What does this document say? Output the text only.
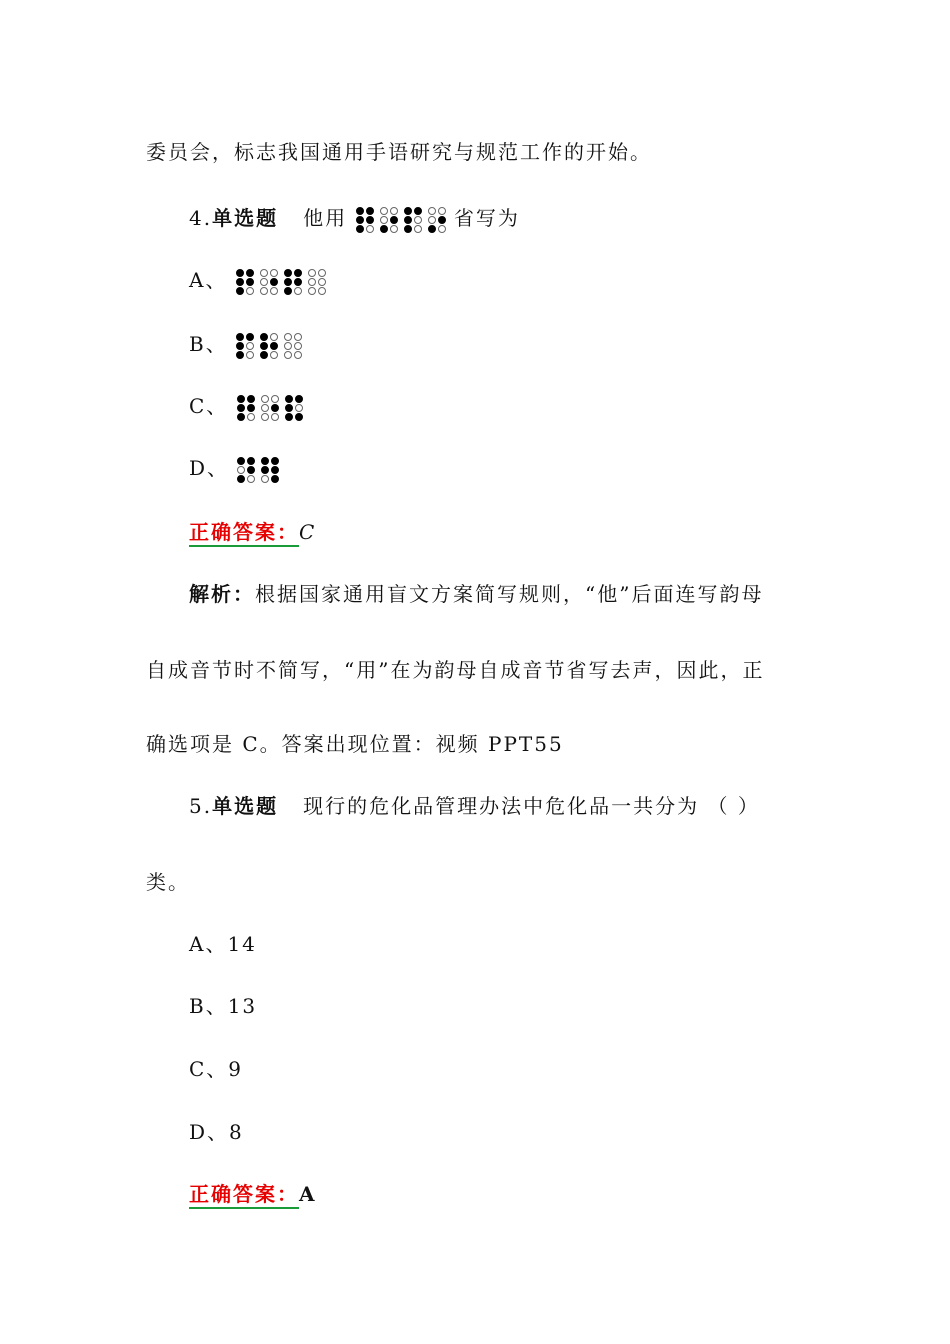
委员会，标志我国通用手语研究与规范工作的开始。
4.单选题 他用	省写为
A、
B、
C、
D、
正确答案：C
解析：根据国家通用盲文方案简写规则，“他”后面连写韵母
自成音节时不简写，“用”在为韵母自成音节省写去声，因此，正
确选项是 C。答案出现位置：视频 PPT55
5.单选题 现行的危化品管理办法中危化品一共分为 （ ）
类。
A、14
B、13
C、9
D、8
正确答案：A
